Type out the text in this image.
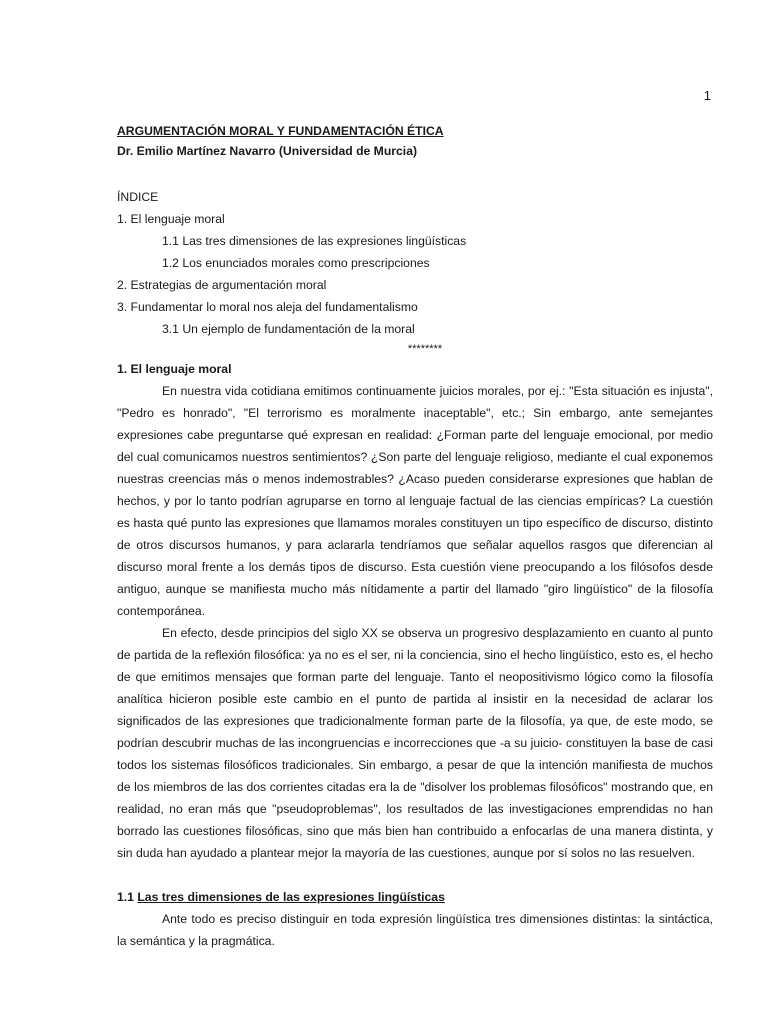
1

ARGUMENTACIÓN MORAL Y FUNDAMENTACIÓN ÉTICA

Dr. Emilio Martínez Navarro (Universidad de Murcia)

ÍNDICE
1. El lenguaje moral
1.1 Las tres dimensiones de las expresiones lingüísticas
1.2 Los enunciados morales como prescripciones
2. Estrategias de argumentación moral
3. Fundamentar lo moral nos aleja del fundamentalismo
3.1 Un ejemplo de fundamentación de la moral
********

1. El lenguaje moral

En nuestra vida cotidiana emitimos continuamente juicios morales, por ej.: "Esta situación es injusta", "Pedro es honrado", "El terrorismo es moralmente inaceptable", etc.; Sin embargo, ante semejantes expresiones cabe preguntarse qué expresan en realidad: ¿Forman parte del lenguaje emocional, por medio del cual comunicamos nuestros sentimientos? ¿Son parte del lenguaje religioso, mediante el cual exponemos nuestras creencias más o menos indemostrables? ¿Acaso pueden considerarse expresiones que hablan de hechos, y por lo tanto podrían agruparse en torno al lenguaje factual de las ciencias empíricas? La cuestión es hasta qué punto las expresiones que llamamos morales constituyen un tipo específico de discurso, distinto de otros discursos humanos, y para aclararla tendríamos que señalar aquellos rasgos que diferencian al discurso moral frente a los demás tipos de discurso. Esta cuestión viene preocupando a los filósofos desde antiguo, aunque se manifiesta mucho más nítidamente a partir del llamado "giro lingüístico" de la filosofía contemporánea.

En efecto, desde principios del siglo XX se observa un progresivo desplazamiento en cuanto al punto de partida de la reflexión filosófica: ya no es el ser, ni la conciencia, sino el hecho lingüístico, esto es, el hecho de que emitimos mensajes que forman parte del lenguaje. Tanto el neopositivismo lógico como la filosofía analítica hicieron posible este cambio en el punto de partida al insistir en la necesidad de aclarar los significados de las expresiones que tradicionalmente forman parte de la filosofía, ya que, de este modo, se podrían descubrir muchas de las incongruencias e incorrecciones que -a su juicio- constituyen la base de casi todos los sistemas filosóficos tradicionales. Sin embargo, a pesar de que la intención manifiesta de muchos de los miembros de las dos corrientes citadas era la de "disolver los problemas filosóficos" mostrando que, en realidad, no eran más que "pseudoproblemas", los resultados de las investigaciones emprendidas no han borrado las cuestiones filosóficas, sino que más bien han contribuido a enfocarlas de una manera distinta, y sin duda han ayudado a plantear mejor la mayoría de las cuestiones, aunque por sí solos no las resuelven.

1.1 Las tres dimensiones de las expresiones lingüísticas

Ante todo es preciso distinguir en toda expresión lingüística tres dimensiones distintas: la sintáctica, la semántica y la pragmática.
